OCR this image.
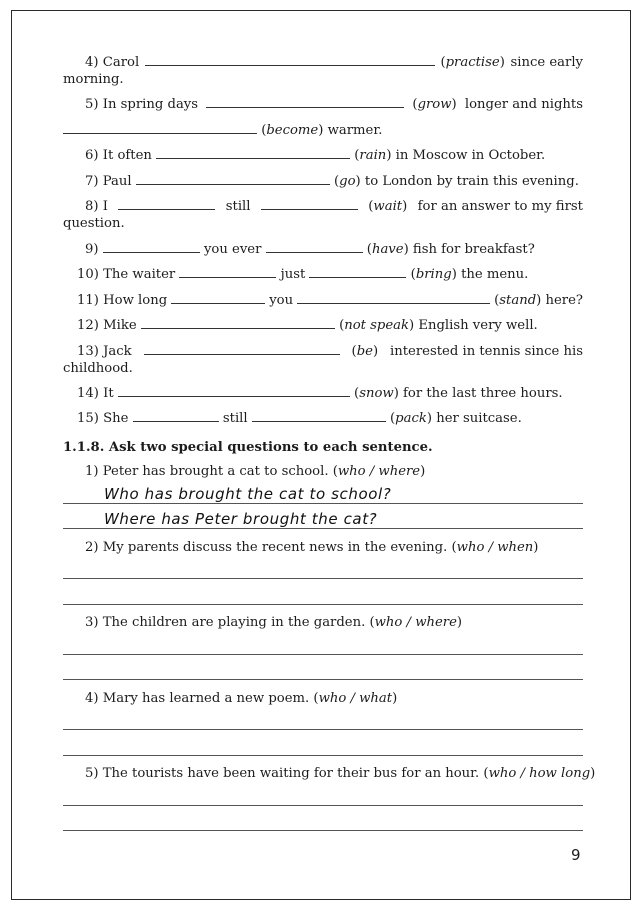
4) Carol	(practise) since early
morning.
5) In spring days	(grow) longer and nights
(become) warmer.
6) It often	(rain) in Moscow in October.
7) Paul	(go) to London by train this evening.
8) I	still	(wait) for an answer to my first
question.
9)	you ever	(have) fish for breakfast?
10) The waiter	just	(bring) the menu.
11) How long	you	(stand) here?
12) Mike	(not speak) English very well.
13) Jack	(be) interested in tennis since his
childhood.
14) It	(snow) for the last three hours.
15) She	still	(pack) her suitcase.
1.1.8. Ask two special questions to each sentence.
1) Peter has brought a cat to school. (who / where)
2) My parents discuss the recent news in the evening. (who / when)
3) The children are playing in the garden. (who / where)
4) Mary has learned a new poem. (who / what)
5) The tourists have been waiting for their bus for an hour. (who / how long)
Who has brought the cat to school?
Where has Peter brought the cat?
9
